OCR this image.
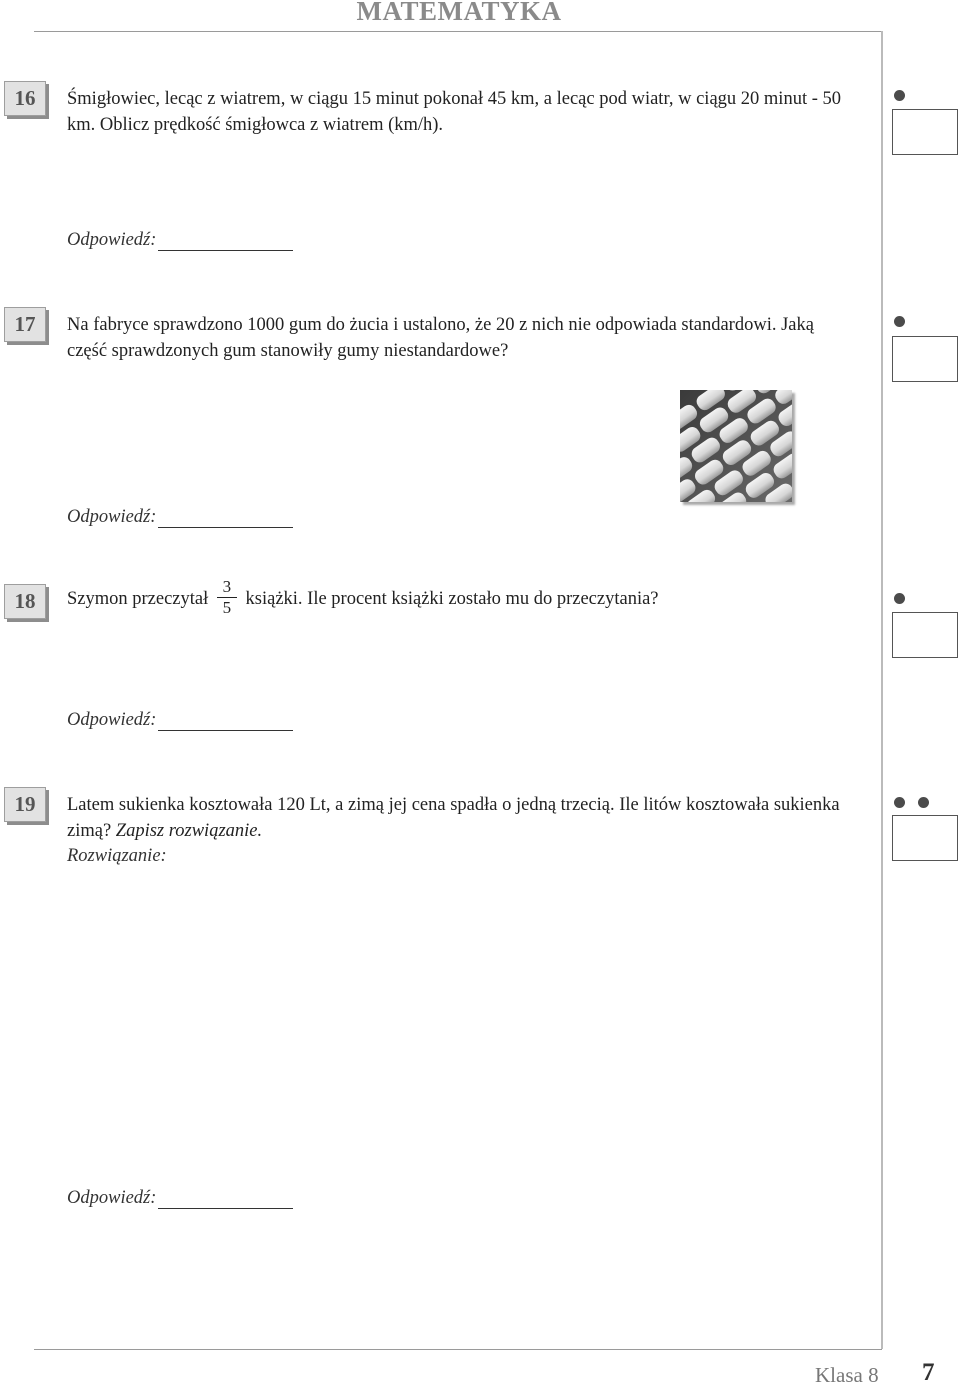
MATEMATYKA
16	Śmigłowiec, lecąc z wiatrem, w ciągu 15 minut pokonał 45 km, a lecąc pod wiatr, w ciągu 20 minut - 50 km. Oblicz prędkość śmigłowca z wiatrem (km/h).
Odpowiedź:
17	Na fabryce sprawdzono 1000 gum do żucia i ustalono, że 20 z nich nie odpowiada standardowi. Jaką część sprawdzonych gum stanowiły gumy niestandardowe?
Odpowiedź:
18	Szymon przeczytał $\frac{3}{5}$ książki. Ile procent książki zostało mu do przeczytania?
Odpowiedź:
19	Latem sukienka kosztowała 120 Lt, a zimą jej cena spadła o jedną trzecią. Ile litów kosztowała sukienka zimą? Zapisz rozwiązanie.
Rozwiązanie:
Odpowiedź:
Klasa 8 7
